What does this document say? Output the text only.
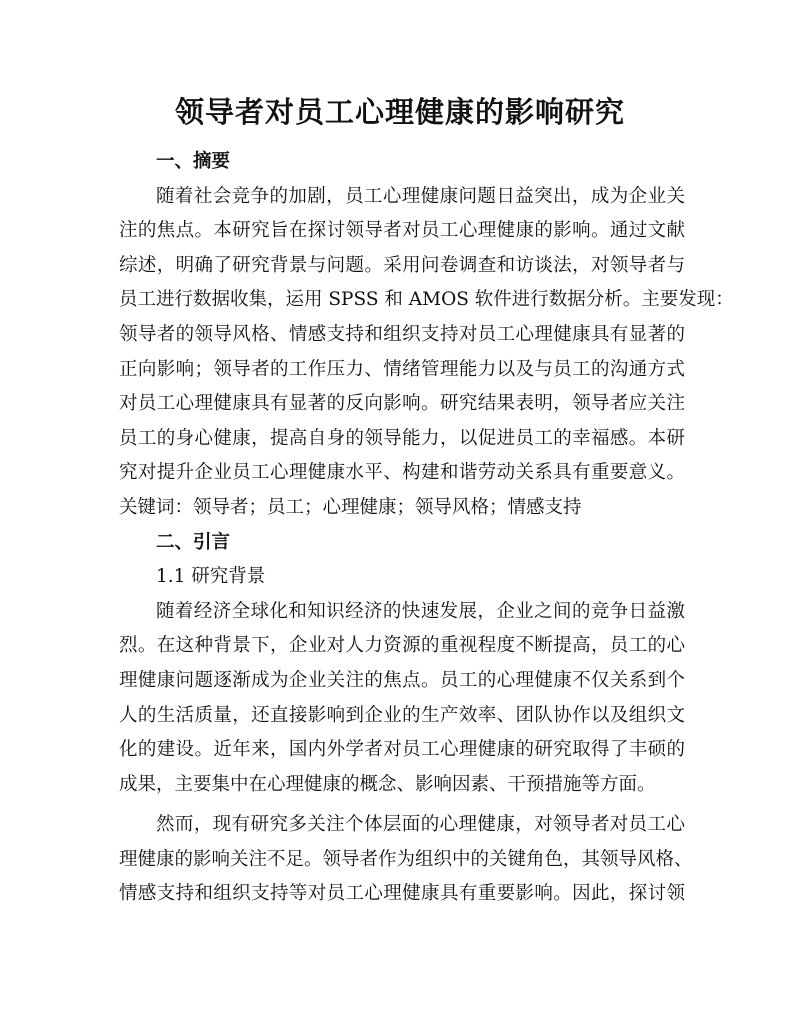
领导者对员工心理健康的影响研究
一、摘要
随着社会竞争的加剧，员工心理健康问题日益突出，成为企业关
注的焦点。本研究旨在探讨领导者对员工心理健康的影响。通过文献
综述，明确了研究背景与问题。采用问卷调查和访谈法，对领导者与
员工进行数据收集，运用 SPSS 和 AMOS 软件进行数据分析。主要发现：
领导者的领导风格、情感支持和组织支持对员工心理健康具有显著的
正向影响；领导者的工作压力、情绪管理能力以及与员工的沟通方式
对员工心理健康具有显著的反向影响。研究结果表明，领导者应关注
员工的身心健康，提高自身的领导能力，以促进员工的幸福感。本研
究对提升企业员工心理健康水平、构建和谐劳动关系具有重要意义。
关键词：领导者；员工；心理健康；领导风格；情感支持
二、引言
1.1 研究背景
随着经济全球化和知识经济的快速发展，企业之间的竞争日益激
烈。在这种背景下，企业对人力资源的重视程度不断提高，员工的心
理健康问题逐渐成为企业关注的焦点。员工的心理健康不仅关系到个
人的生活质量，还直接影响到企业的生产效率、团队协作以及组织文
化的建设。近年来，国内外学者对员工心理健康的研究取得了丰硕的
成果，主要集中在心理健康的概念、影响因素、干预措施等方面。
然而，现有研究多关注个体层面的心理健康，对领导者对员工心
理健康的影响关注不足。领导者作为组织中的关键角色，其领导风格、
情感支持和组织支持等对员工心理健康具有重要影响。因此，探讨领
